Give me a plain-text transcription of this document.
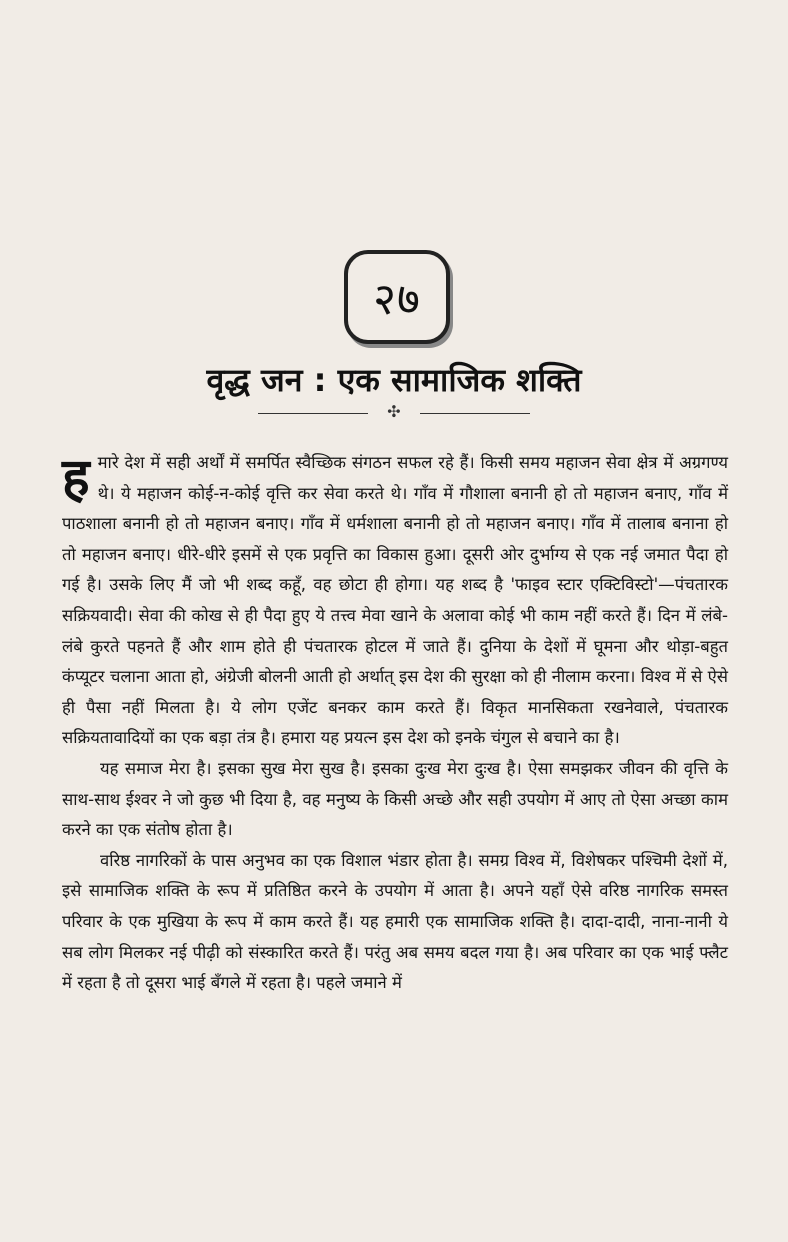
२७
वृद्ध जन : एक सामाजिक शक्ति
✣

हमारे देश में सही अर्थों में समर्पित स्वैच्छिक संगठन सफल रहे हैं। किसी समय महाजन सेवा क्षेत्र में अग्रगण्य थे। ये महाजन कोई-न-कोई वृत्ति कर सेवा करते थे। गाँव में गौशाला बनानी हो तो महाजन बनाए, गाँव में पाठशाला बनानी हो तो महाजन बनाए। गाँव में धर्मशाला बनानी हो तो महाजन बनाए। गाँव में तालाब बनाना हो तो महाजन बनाए। धीरे-धीरे इसमें से एक प्रवृत्ति का विकास हुआ। दूसरी ओर दुर्भाग्य से एक नई जमात पैदा हो गई है। उसके लिए मैं जो भी शब्द कहूँ, वह छोटा ही होगा। यह शब्द है 'फाइव स्टार एक्टिविस्टो'—पंचतारक सक्रियवादी। सेवा की कोख से ही पैदा हुए ये तत्त्व मेवा खाने के अलावा कोई भी काम नहीं करते हैं। दिन में लंबे-लंबे कुरते पहनते हैं और शाम होते ही पंचतारक होटल में जाते हैं। दुनिया के देशों में घूमना और थोड़ा-बहुत कंप्यूटर चलाना आता हो, अंग्रेजी बोलनी आती हो अर्थात् इस देश की सुरक्षा को ही नीलाम करना। विश्व में से ऐसे ही पैसा नहीं मिलता है। ये लोग एजेंट बनकर काम करते हैं। विकृत मानसिकता रखनेवाले, पंचतारक सक्रियतावादियों का एक बड़ा तंत्र है। हमारा यह प्रयत्न इस देश को इनके चंगुल से बचाने का है।

यह समाज मेरा है। इसका सुख मेरा सुख है। इसका दुःख मेरा दुःख है। ऐसा समझकर जीवन की वृत्ति के साथ-साथ ईश्वर ने जो कुछ भी दिया है, वह मनुष्य के किसी अच्छे और सही उपयोग में आए तो ऐसा अच्छा काम करने का एक संतोष होता है।

वरिष्ठ नागरिकों के पास अनुभव का एक विशाल भंडार होता है। समग्र विश्व में, विशेषकर पश्चिमी देशों में, इसे सामाजिक शक्ति के रूप में प्रतिष्ठित करने के उपयोग में आता है। अपने यहाँ ऐसे वरिष्ठ नागरिक समस्त परिवार के एक मुखिया के रूप में काम करते हैं। यह हमारी एक सामाजिक शक्ति है। दादा-दादी, नाना-नानी ये सब लोग मिलकर नई पीढ़ी को संस्कारित करते हैं। परंतु अब समय बदल गया है। अब परिवार का एक भाई फ्लैट में रहता है तो दूसरा भाई बँगले में रहता है। पहले जमाने में
